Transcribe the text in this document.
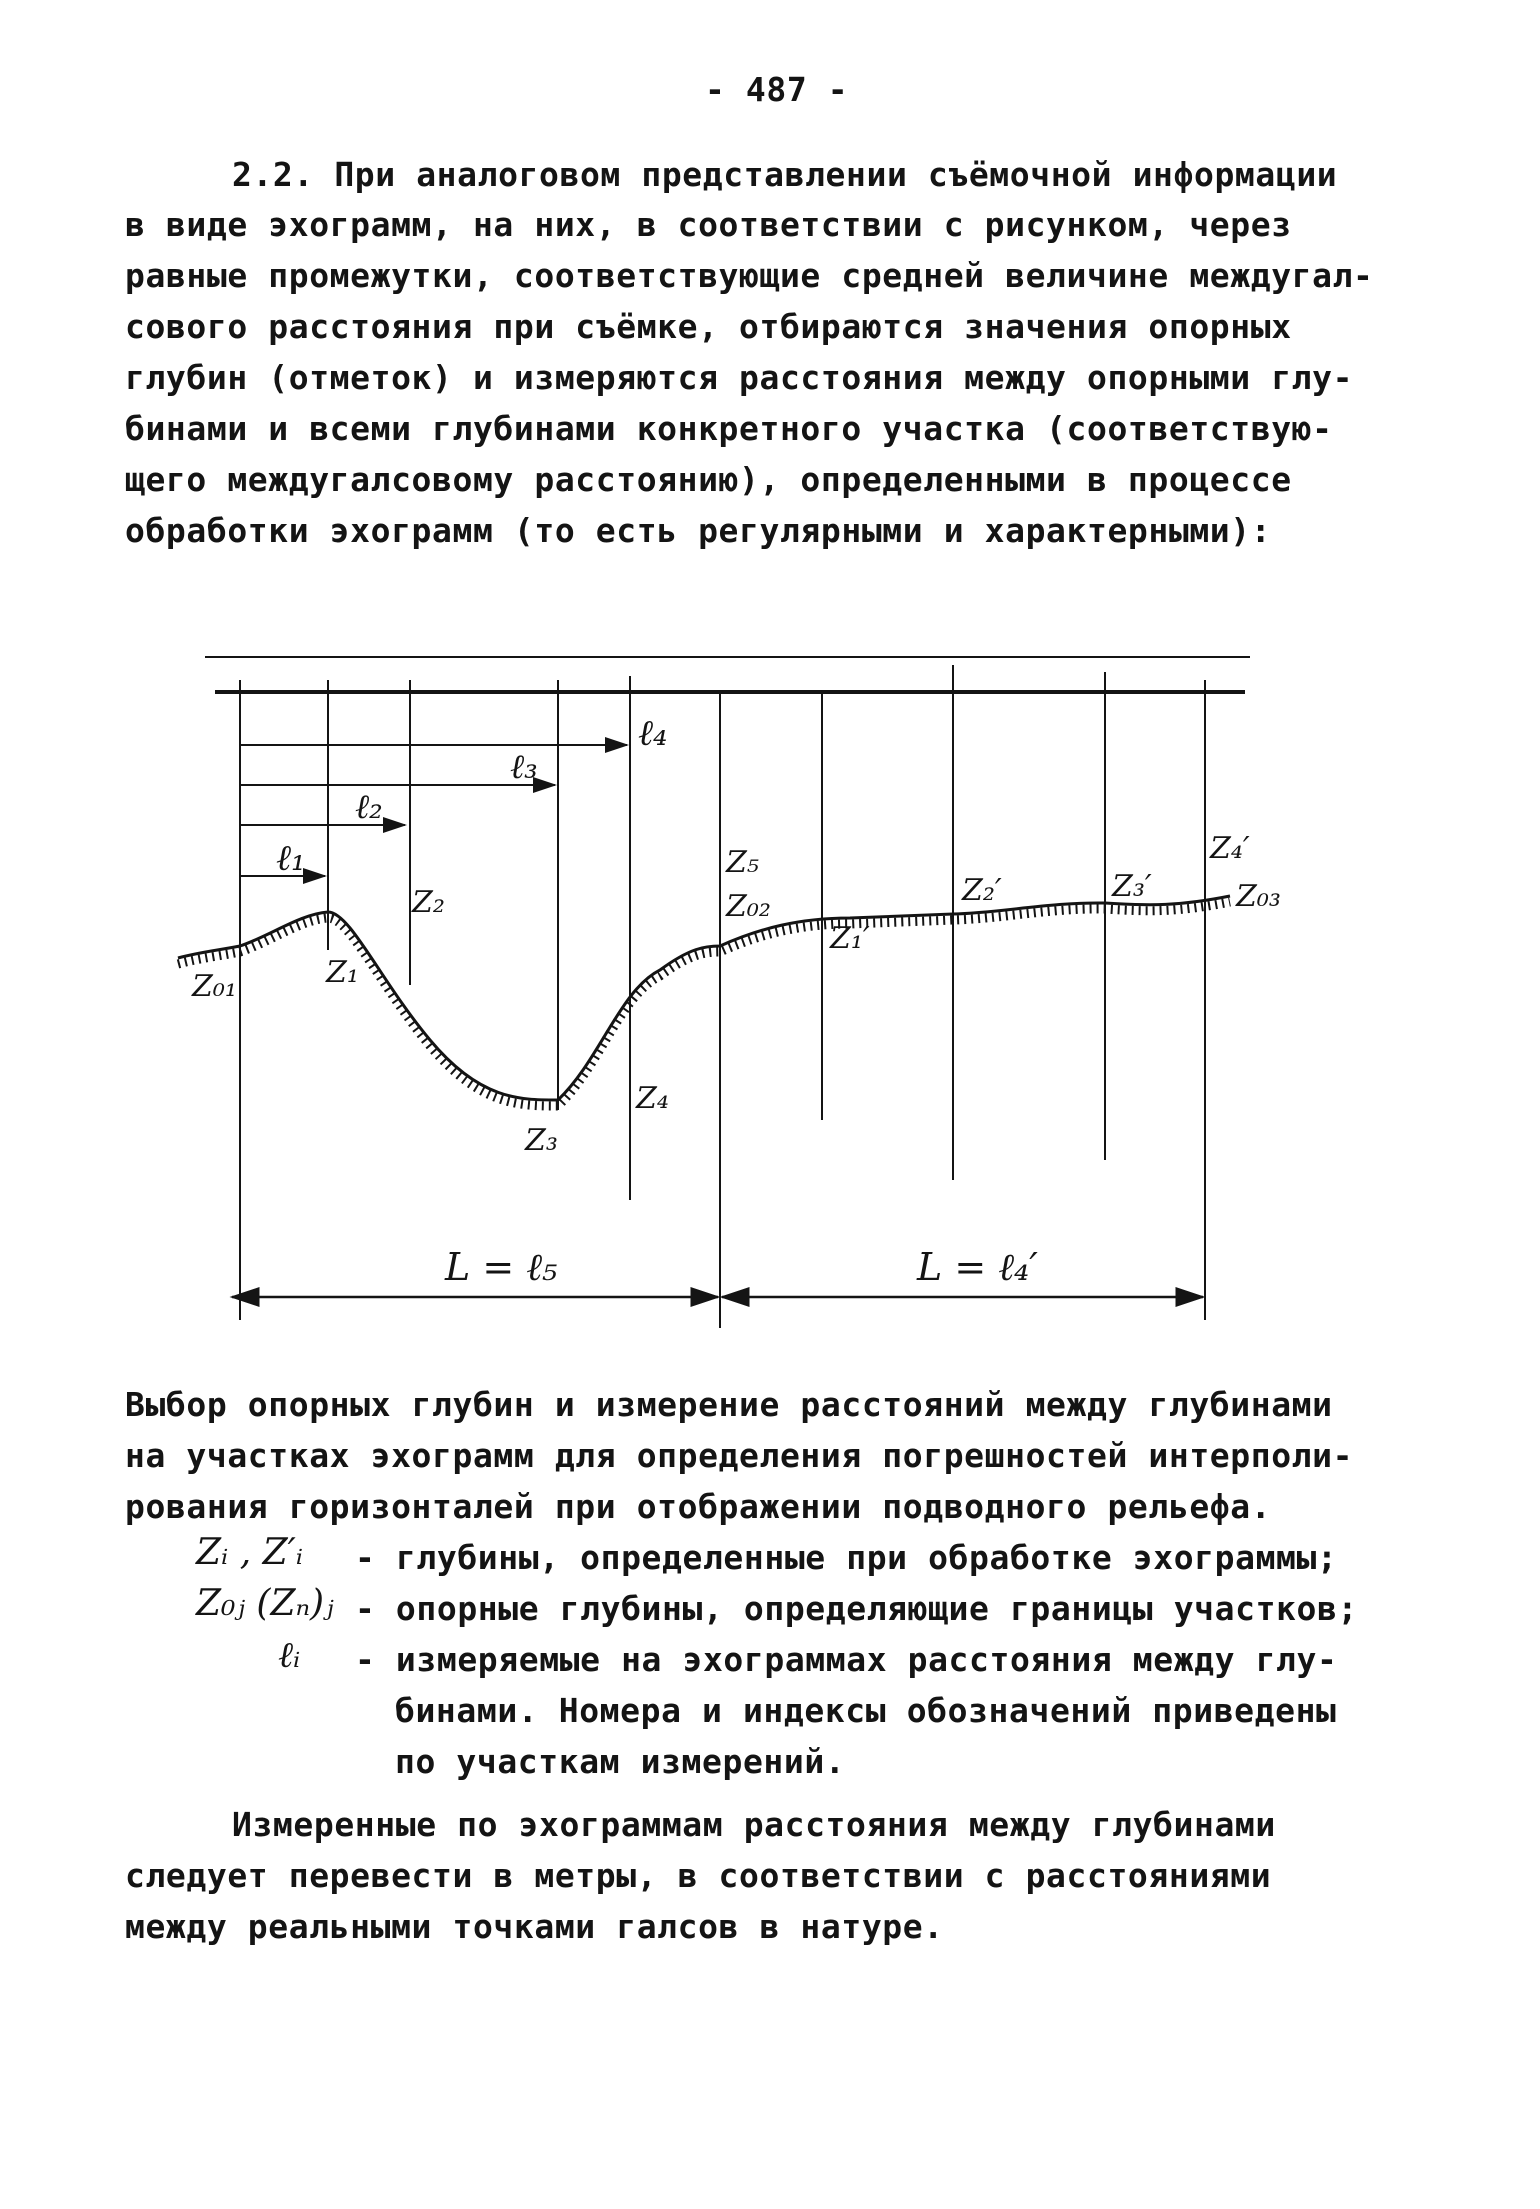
- 487 -
2.2. При аналоговом представлении съёмочной информации
в виде эхограмм, на них, в соответствии с рисунком, через
равные промежутки, соответствующие средней величине междугал-
сового расстояния при съёмке, отбираются значения опорных
глубин (отметок) и измеряются расстояния между опорными глу-
бинами и всеми глубинами конкретного участка (соответствую-
щего междугалсовому расстоянию), определенными в процессе
обработки эхограмм (то есть регулярными и характерными):
ℓ₁
ℓ₂
ℓ₃
ℓ₄
Z₀₁	Z₁
Z₂
Z₃
Z₄
Z₅
Z₀₂
Z₁′
Z₂′	Z₃′
Z₄′
Z₀₃
L = ℓ₅	L = ℓ₄′
Выбор опорных глубин и измерение расстояний между глубинами
на участках эхограмм для определения погрешностей интерполи-
рования горизонталей при отображении подводного рельефа.
Zᵢ , Z′ᵢ - глубины, определенные при обработке эхограммы;
Z₀ⱼ (Zₙ)ⱼ - опорные глубины, определяющие границы участков;
ℓᵢ - измеряемые на эхограммах расстояния между глу-
бинами. Номера и индексы обозначений приведены
по участкам измерений.
Измеренные по эхограммам расстояния между глубинами
следует перевести в метры, в соответствии с расстояниями
между реальными точками галсов в натуре.
